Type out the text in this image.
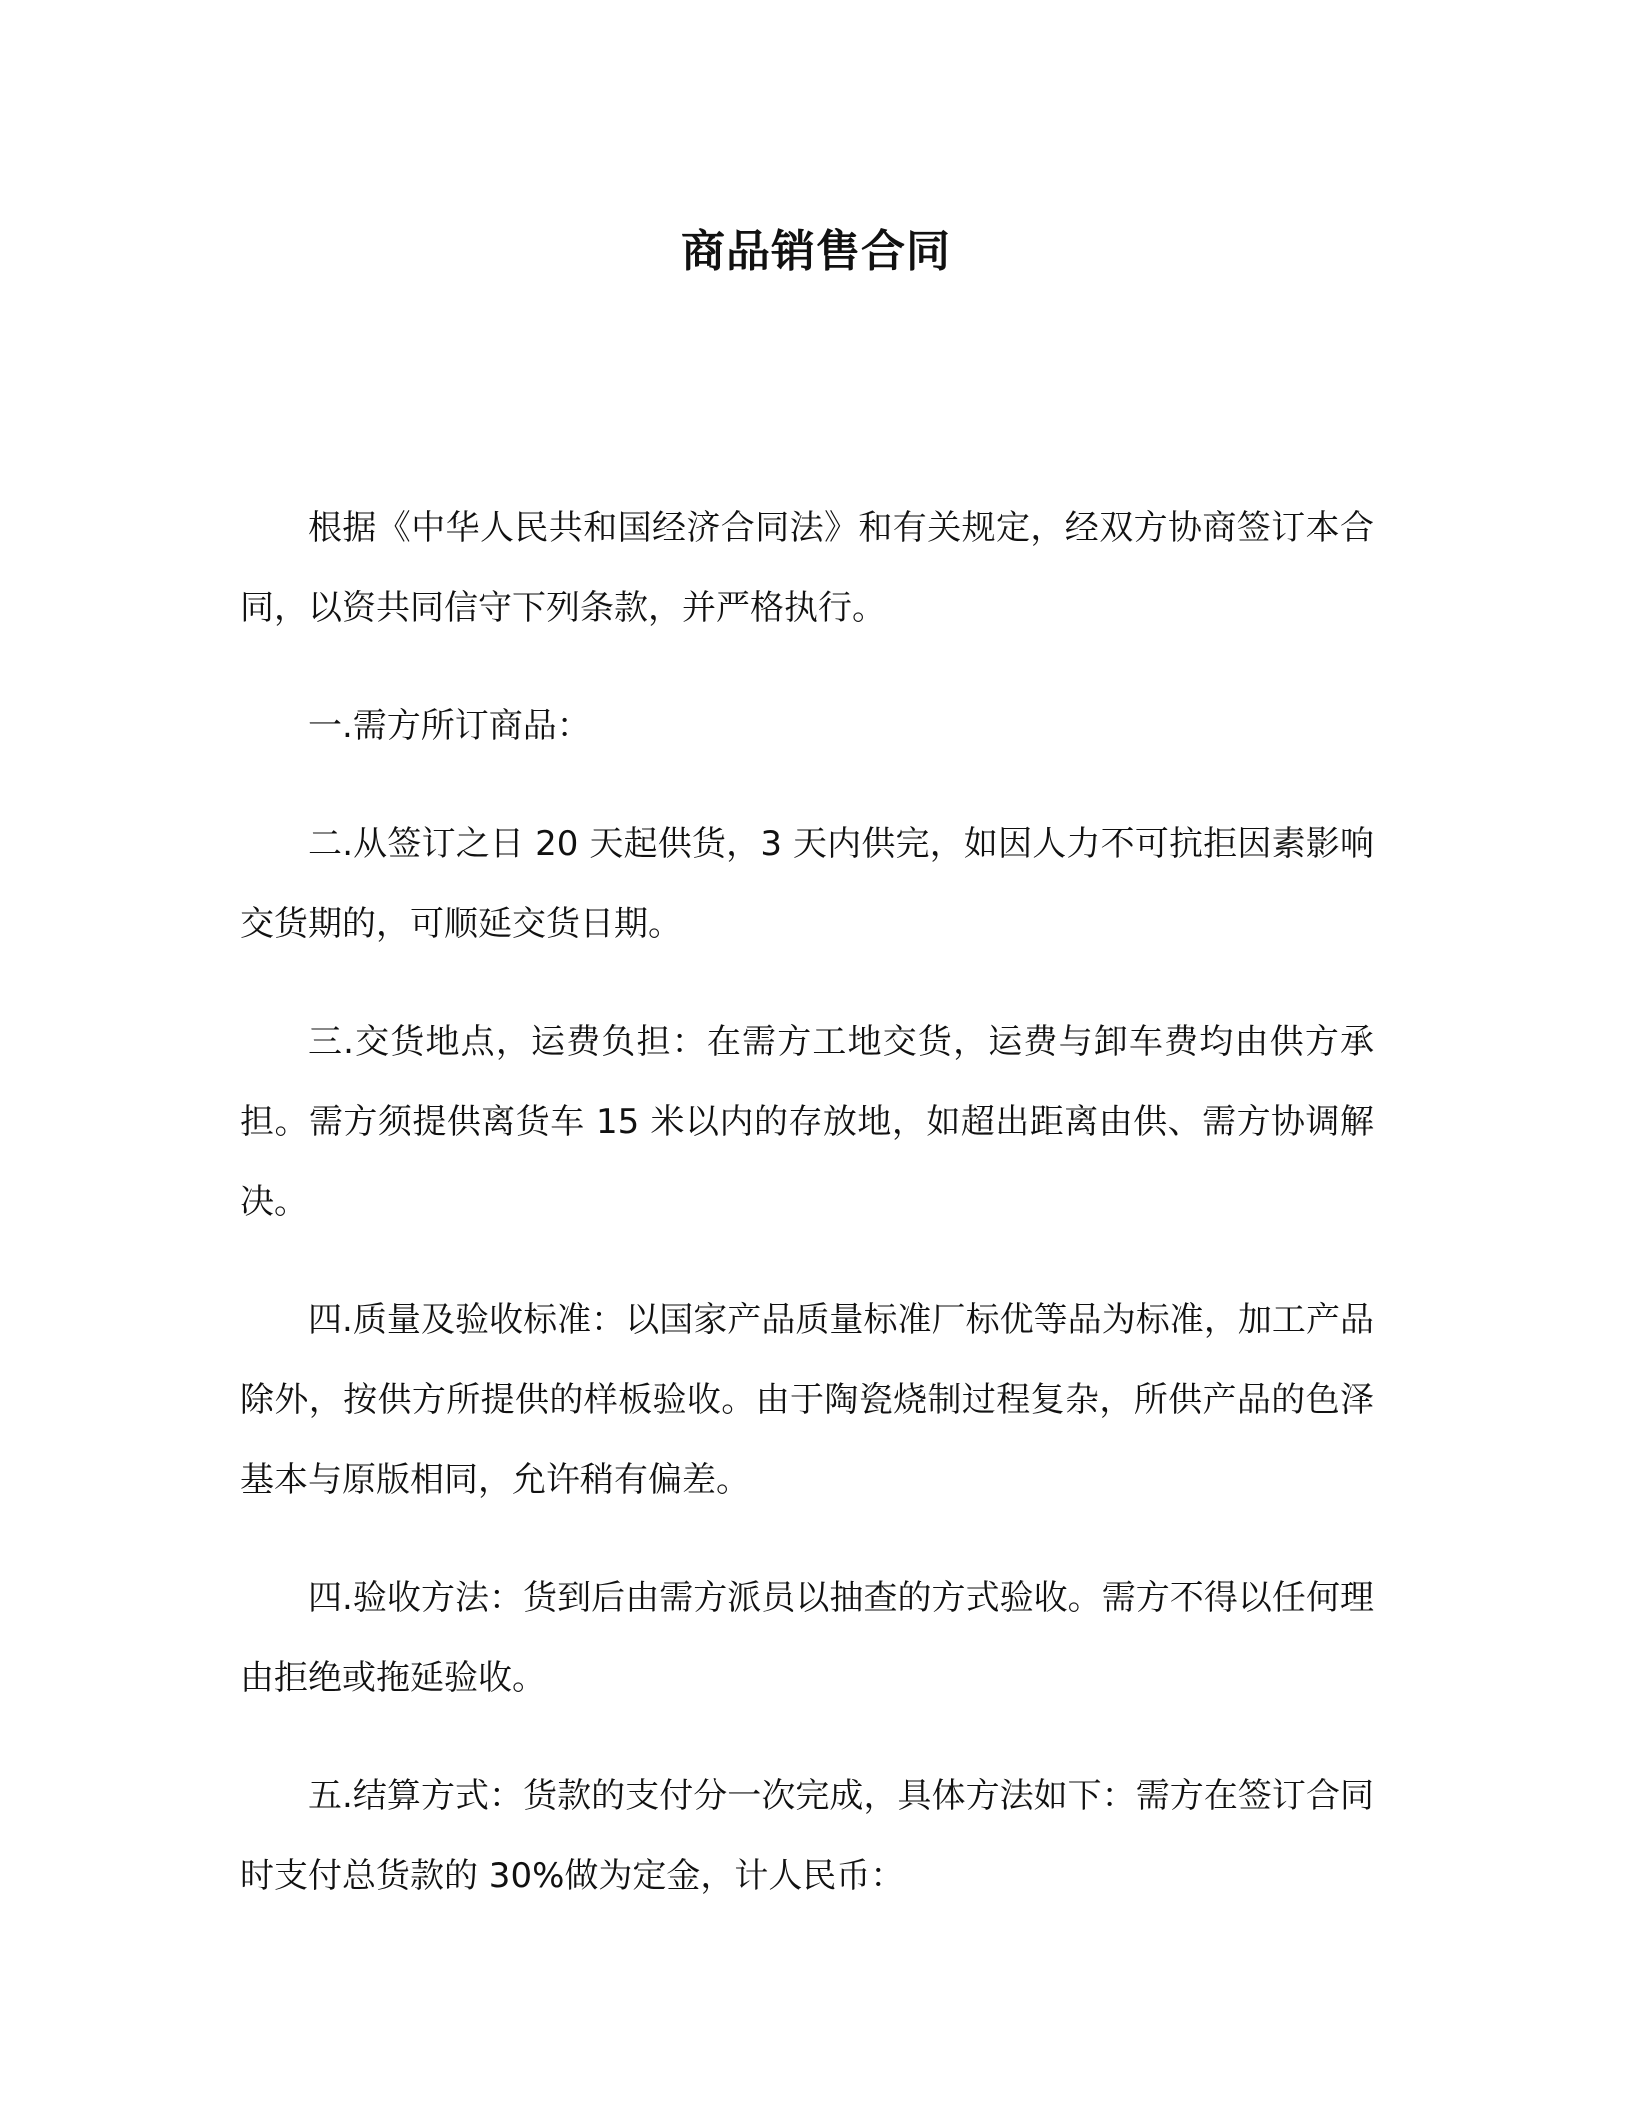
商品销售合同

根据《中华人民共和国经济合同法》和有关规定，经双方协商签订本合同，以资共同信守下列条款，并严格执行。

一.需方所订商品：

二.从签订之日 20 天起供货，3 天内供完，如因人力不可抗拒因素影响交货期的，可顺延交货日期。

三.交货地点，运费负担：在需方工地交货，运费与卸车费均由供方承担。需方须提供离货车 15 米以内的存放地，如超出距离由供、需方协调解决。

四.质量及验收标准：以国家产品质量标准厂标优等品为标准，加工产品除外，按供方所提供的样板验收。由于陶瓷烧制过程复杂，所供产品的色泽基本与原版相同，允许稍有偏差。

四.验收方法：货到后由需方派员以抽查的方式验收。需方不得以任何理由拒绝或拖延验收。

五.结算方式：货款的支付分一次完成，具体方法如下：需方在签订合同时支付总货款的 30%做为定金，计人民币：
